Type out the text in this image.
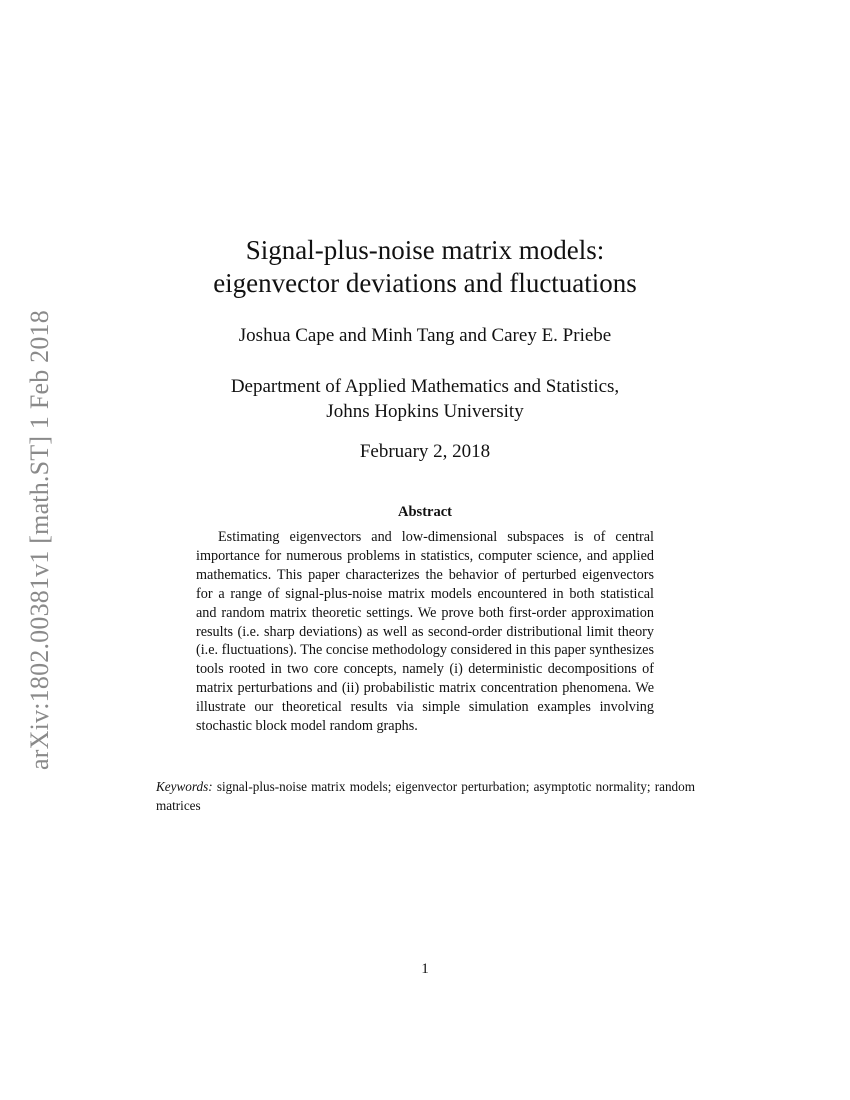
arXiv:1802.00381v1 [math.ST] 1 Feb 2018
Signal-plus-noise matrix models:
eigenvector deviations and fluctuations
Joshua Cape and Minh Tang and Carey E. Priebe
Department of Applied Mathematics and Statistics,
Johns Hopkins University
February 2, 2018
Abstract
Estimating eigenvectors and low-dimensional subspaces is of central importance for numerous problems in statistics, computer science, and applied mathematics. This paper characterizes the behavior of perturbed eigenvectors for a range of signal-plus-noise matrix models encountered in both statistical and random matrix theoretic settings. We prove both first-order approximation results (i.e. sharp deviations) as well as second-order distributional limit theory (i.e. fluctuations). The concise methodology considered in this paper synthesizes tools rooted in two core concepts, namely (i) deterministic decompositions of matrix perturbations and (ii) probabilistic matrix concentration phenomena. We illustrate our theoretical results via simple simulation examples involving stochastic block model random graphs.
Keywords: signal-plus-noise matrix models; eigenvector perturbation; asymptotic normality; random matrices
1
